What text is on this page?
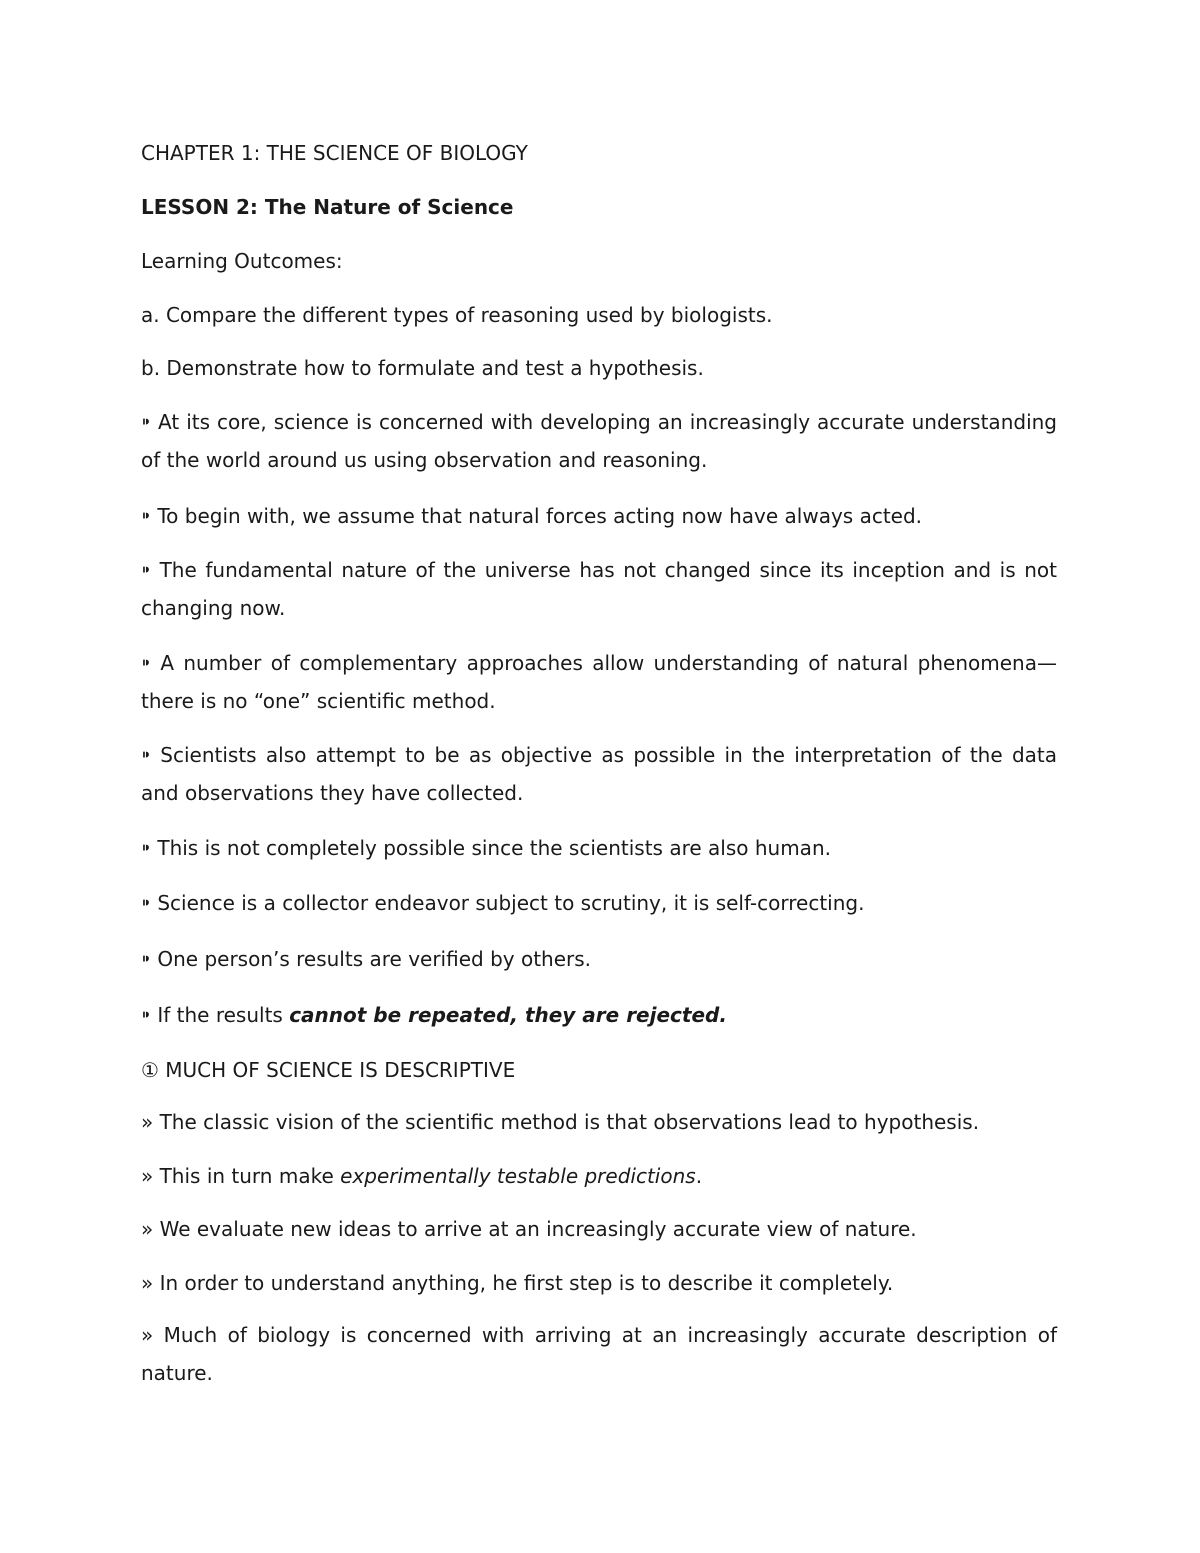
CHAPTER 1: THE SCIENCE OF BIOLOGY
LESSON 2: The Nature of Science
Learning Outcomes:
a. Compare the different types of reasoning used by biologists.
b. Demonstrate how to formulate and test a hypothesis.
⁍ At its core, science is concerned with developing an increasingly accurate understanding of the world around us using observation and reasoning.
⁍ To begin with, we assume that natural forces acting now have always acted.
⁍ The fundamental nature of the universe has not changed since its inception and is not changing now.
⁍ A number of complementary approaches allow understanding of natural phenomena— there is no “one” scientific method.
⁍ Scientists also attempt to be as objective as possible in the interpretation of the data and observations they have collected.
⁍ This is not completely possible since the scientists are also human.
⁍ Science is a collector endeavor subject to scrutiny, it is self-correcting.
⁍ One person’s results are verified by others.
⁍ If the results cannot be repeated, they are rejected.
① MUCH OF SCIENCE IS DESCRIPTIVE
» The classic vision of the scientific method is that observations lead to hypothesis.
» This in turn make experimentally testable predictions.
» We evaluate new ideas to arrive at an increasingly accurate view of nature.
» In order to understand anything, he first step is to describe it completely.
» Much of biology is concerned with arriving at an increasingly accurate description of nature.
